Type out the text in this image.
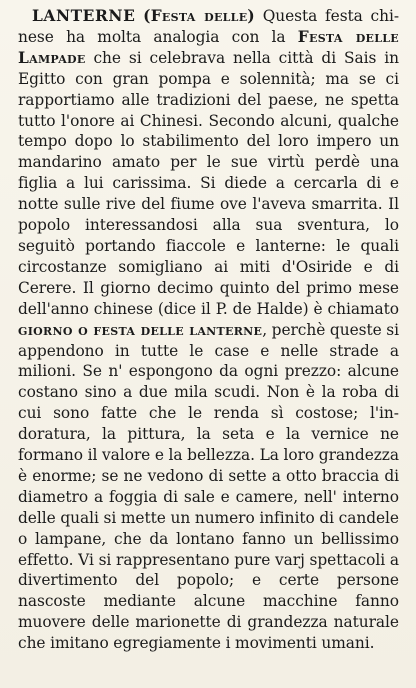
LANTERNE (Festa delle) Questa festa chinese ha molta analogia con la Festa delle Lampade che si celebrava nella città di Sais in Egitto con gran pompa e solennità; ma se ci rapportiamo alle tradizioni del paese, ne spetta tutto l'onore ai Chinesi. Secondo alcuni, qualche tempo dopo lo stabilimento del loro impero un mandarino amato per le sue virtù perdè una figlia a lui carissima. Si diede a cercarla di e notte sulle rive del fiume ove l'aveva smarrita. Il popolo interessandosi alla sua sventura, lo seguitò portando fiaccole e lanterne: le quali circostanze somigliano ai miti d'Osiride e di Cerere. Il giorno decimo quinto del primo mese dell'anno chinese (dice il P. de Halde) è chiamato giorno o festa delle lanterne, perchè queste si appendono in tutte le case e nelle strade a milioni. Se n' espongono da ogni prezzo: alcune costano sino a due mila scudi. Non è la roba di cui sono fatte che le renda sì costose; l'indoratura, la pittura, la seta e la vernice ne formano il valore e la bellezza. La loro grandezza è enorme; se ne vedono di sette a otto braccia di diametro a foggia di sale e camere, nell' interno delle quali si mette un numero infinito di candele o lampane, che da lontano fanno un bellissimo effetto. Vi si rappresentano pure varj spettacoli a divertimento del popolo; e certe persone nascoste mediante alcune macchine fanno muovere delle marionette di grandezza naturale che imitano egregiamente i movimenti umani.
